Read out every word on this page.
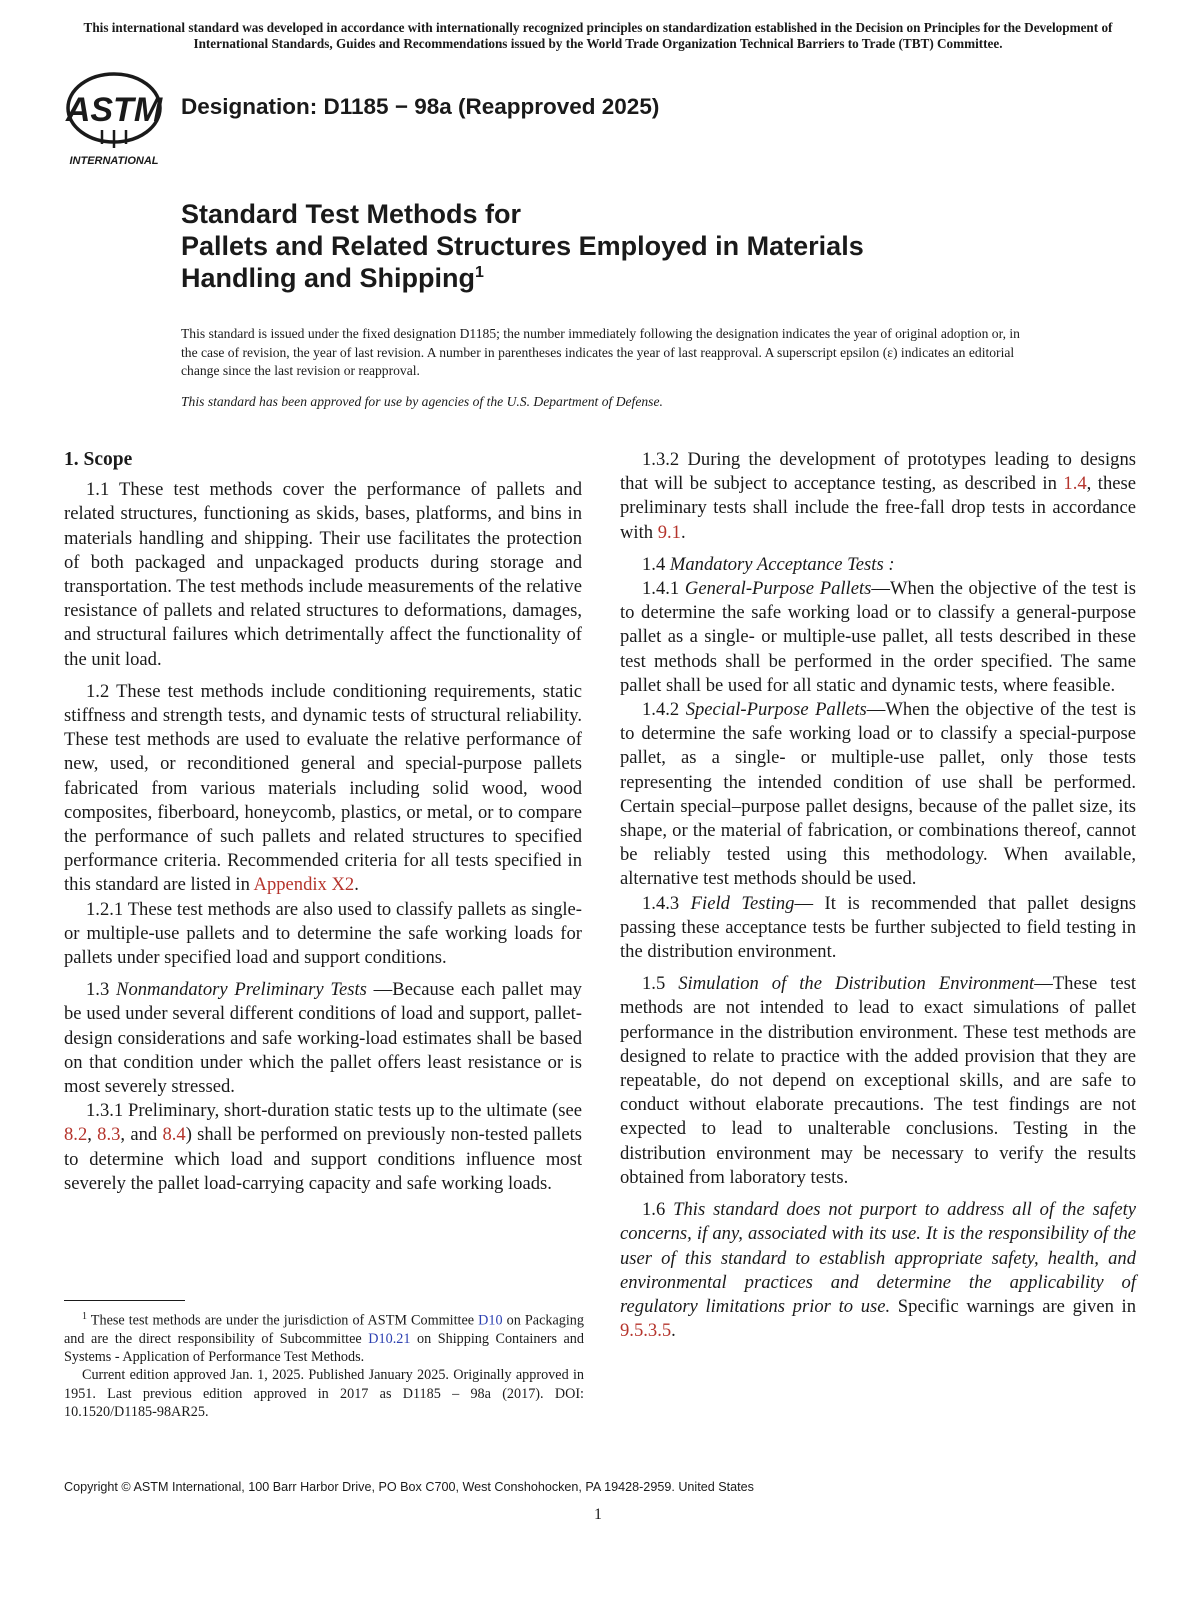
This international standard was developed in accordance with internationally recognized principles on standardization established in the Decision on Principles for the Development of International Standards, Guides and Recommendations issued by the World Trade Organization Technical Barriers to Trade (TBT) Committee.
ASTM
INTERNATIONAL
Designation: D1185 − 98a (Reapproved 2025)
Standard Test Methods for
Pallets and Related Structures Employed in Materials
Handling and Shipping$^1$
This standard is issued under the fixed designation D1185; the number immediately following the designation indicates the year of original adoption or, in the case of revision, the year of last revision. A number in parentheses indicates the year of last reapproval. A superscript epsilon (ε) indicates an editorial change since the last revision or reapproval.
This standard has been approved for use by agencies of the U.S. Department of Defense.
1. Scope

1.1 These test methods cover the performance of pallets and related structures, functioning as skids, bases, platforms, and bins in materials handling and shipping. Their use facilitates the protection of both packaged and unpackaged products during storage and transportation. The test methods include measurements of the relative resistance of pallets and related structures to deformations, damages, and structural failures which detrimentally affect the functionality of the unit load.

1.2 These test methods include conditioning requirements, static stiffness and strength tests, and dynamic tests of structural reliability. These test methods are used to evaluate the relative performance of new, used, or reconditioned general and special-purpose pallets fabricated from various materials including solid wood, wood composites, fiberboard, honeycomb, plastics, or metal, or to compare the performance of such pallets and related structures to specified performance criteria. Recommended criteria for all tests specified in this standard are listed in Appendix X2.

1.2.1 These test methods are also used to classify pallets as single- or multiple-use pallets and to determine the safe working loads for pallets under specified load and support conditions.

1.3 Nonmandatory Preliminary Tests —Because each pallet may be used under several different conditions of load and support, pallet-design considerations and safe working-load estimates shall be based on that condition under which the pallet offers least resistance or is most severely stressed.

1.3.1 Preliminary, short-duration static tests up to the ultimate (see 8.2, 8.3, and 8.4) shall be performed on previously non-tested pallets to determine which load and support conditions influence most severely the pallet load-carrying capacity and safe working loads.

1.3.2 During the development of prototypes leading to designs that will be subject to acceptance testing, as described in 1.4, these preliminary tests shall include the free-fall drop tests in accordance with 9.1.

1.4 Mandatory Acceptance Tests :

1.4.1 General-Purpose Pallets—When the objective of the test is to determine the safe working load or to classify a general-purpose pallet as a single- or multiple-use pallet, all tests described in these test methods shall be performed in the order specified. The same pallet shall be used for all static and dynamic tests, where feasible.

1.4.2 Special-Purpose Pallets—When the objective of the test is to determine the safe working load or to classify a special-purpose pallet, as a single- or multiple-use pallet, only those tests representing the intended condition of use shall be performed. Certain special–purpose pallet designs, because of the pallet size, its shape, or the material of fabrication, or combinations thereof, cannot be reliably tested using this methodology. When available, alternative test methods should be used.

1.4.3 Field Testing— It is recommended that pallet designs passing these acceptance tests be further subjected to field testing in the distribution environment.

1.5 Simulation of the Distribution Environment—These test methods are not intended to lead to exact simulations of pallet performance in the distribution environment. These test methods are designed to relate to practice with the added provision that they are repeatable, do not depend on exceptional skills, and are safe to conduct without elaborate precautions. The test findings are not expected to lead to unalterable conclusions. Testing in the distribution environment may be necessary to verify the results obtained from laboratory tests.

1.6 This standard does not purport to address all of the safety concerns, if any, associated with its use. It is the responsibility of the user of this standard to establish appropriate safety, health, and environmental practices and determine the applicability of regulatory limitations prior to use. Specific warnings are given in 9.5.3.5.

$^1$ These test methods are under the jurisdiction of ASTM Committee D10 on Packaging and are the direct responsibility of Subcommittee D10.21 on Shipping Containers and Systems - Application of Performance Test Methods.

Current edition approved Jan. 1, 2025. Published January 2025. Originally approved in 1951. Last previous edition approved in 2017 as D1185 – 98a (2017). DOI: 10.1520/D1185-98AR25.

Copyright © ASTM International, 100 Barr Harbor Drive, PO Box C700, West Conshohocken, PA 19428-2959. United States
1
